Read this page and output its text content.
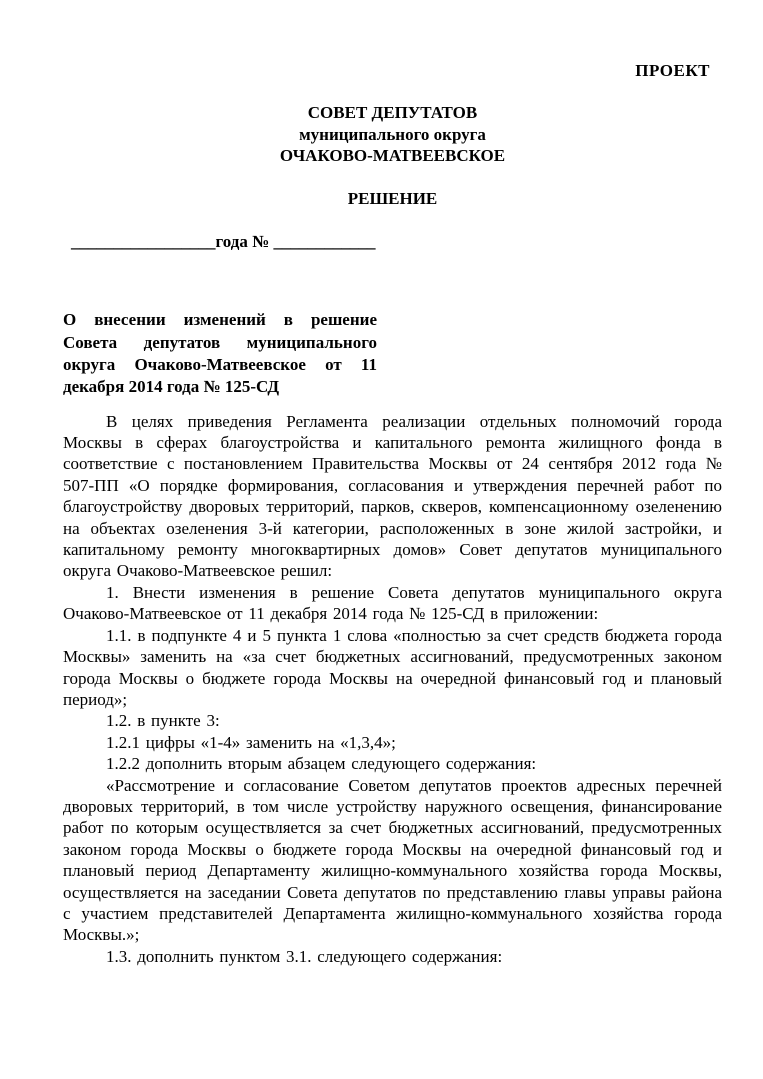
ПРОЕКТ
СОВЕТ ДЕПУТАТОВ
муниципального округа
ОЧАКОВО-МАТВЕЕВСКОЕ
РЕШЕНИЕ
_________________года № ____________
О внесении изменений в решение Совета депутатов муниципального округа Очаково-Матвеевское от 11 декабря 2014 года № 125-СД

В целях приведения Регламента реализации отдельных полномочий города Москвы в сферах благоустройства и капитального ремонта жилищного фонда в соответствие с постановлением Правительства Москвы от 24 сентября 2012 года № 507-ПП «О порядке формирования, согласования и утверждения перечней работ по благоустройству дворовых территорий, парков, скверов, компенсационному озеленению на объектах озеленения 3-й категории, расположенных в зоне жилой застройки, и капитальному ремонту многоквартирных домов» Совет депутатов муниципального округа Очаково-Матвеевское решил:

1. Внести изменения в решение Совета депутатов муниципального округа Очаково-Матвеевское от 11 декабря 2014 года № 125-СД в приложении:

1.1. в подпункте 4 и 5 пункта 1 слова «полностью за счет средств бюджета города Москвы» заменить на «за счет бюджетных ассигнований, предусмотренных законом города Москвы о бюджете города Москвы на очередной финансовый год и плановый период»;

1.2. в пункте 3:

1.2.1 цифры «1-4» заменить на «1,3,4»;

1.2.2 дополнить вторым абзацем следующего содержания:

«Рассмотрение и согласование Советом депутатов проектов адресных перечней дворовых территорий, в том числе устройству наружного освещения, финансирование работ по которым осуществляется за счет бюджетных ассигнований, предусмотренных законом города Москвы о бюджете города Москвы на очередной финансовый год и плановый период Департаменту жилищно-коммунального хозяйства города Москвы, осуществляется на заседании Совета депутатов по представлению главы управы района с участием представителей Департамента жилищно-коммунального хозяйства города Москвы.»;

1.3. дополнить пунктом 3.1. следующего содержания:
